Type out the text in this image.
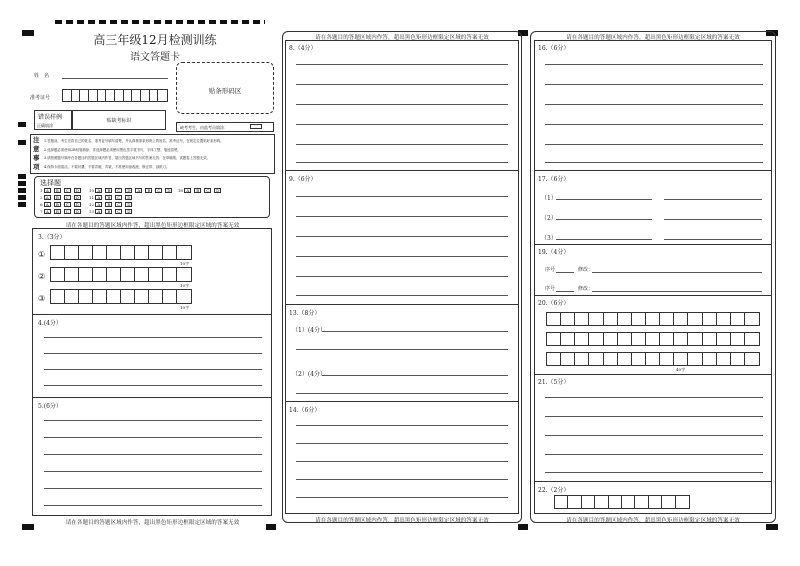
高三年级12月检测训练
语文答题卡
姓　名
准考证号
贴条形码区
错误样例
正确填涂
贴缺考标识
缺考考生，由监考员填涂：
注
意
事
项
1.答题前，考生先将自己的姓名、准考证号填写清楚，并认真核准条形码上的姓名、准考证号，在规定位置贴好条形码。
2.选择题必须使用2B铅笔填涂；非选择题必须使用黑色签字笔书写，字体工整、笔迹清楚。
3.请按照题号顺序在各题目的答题区域内作答，超出答题区域书写的答案无效；在草稿纸、试题卷上答题无效。
4.保持卡面清洁，不要折叠、不要弄破、弄皱，不准使用涂改液、修正带、刮纸刀。
选择题
1 A B C D 10 A B C D A B C D 18 A B C D
2 A B C D 11 A B C D
6 A B C D 12 A B C D
7 A B C D 13 A B C D
请在各题目的答题区域内作答，超出黑色矩形边框限定区域的答案无效
3.（3分）
①
10字
②
10字
③
10字
4.(4分）
5.(6分）
请在各题目的答题区域内作答，超出黑色矩形边框限定区域的答案无效
请在各题目的答题区域内作答，超出黑色矩形边框限定区域的答案无效
8.（4分）
9.（6分）
13.（8分）
（1）(4分）
（2）(4分）
14.（6分）
请在各题目的答题区域内作答，超出黑色矩形边框限定区域的答案无效
请在各题目的答题区域内作答，超出黑色矩形边框限定区域的答案无效
16.（6分）
17.（6分）
（1）
（2）
（3）
19.（4分）
序号	修改：
序号	修改：
20.（6分）
40字
21.（5分）
22.（2分）
请在各题目的答题区域内作答，超出黑色矩形边框限定区域的答案无效
